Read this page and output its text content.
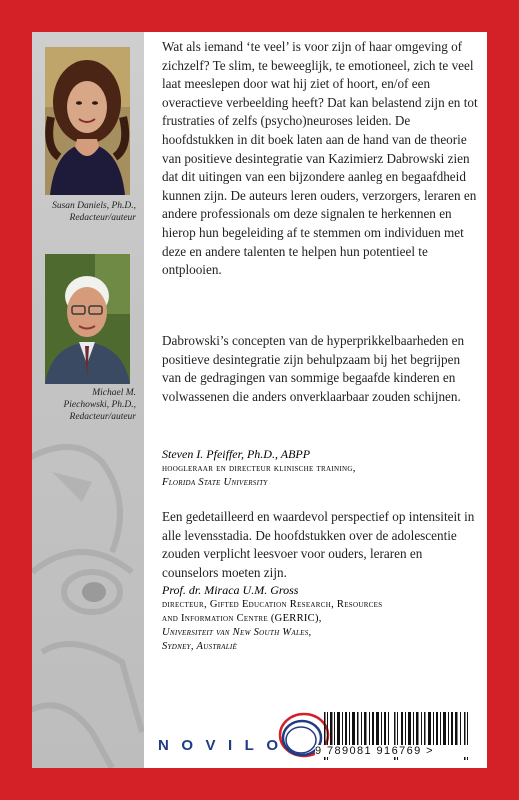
Susan Daniels, Ph.D.,
Redacteur/auteur
Michael M.
Piechowski, Ph.D.,
Redacteur/auteur

Wat als iemand ‘te veel’ is voor zijn of haar omgeving of zichzelf? Te slim, te beweeglijk, te emotioneel, zich te veel laat meeslepen door wat hij ziet of hoort, en/of een overactieve verbeelding heeft? Dat kan belastend zijn en tot frustraties of zelfs (psycho)neuroses leiden. De hoofdstukken in dit boek laten aan de hand van de theorie van positieve desintegratie van Kazimierz Dabrowski zien dat dit uitingen van een bijzondere aanleg en begaafdheid kunnen zijn. De auteurs leren ouders, verzorgers, leraren en andere professionals om deze signalen te herkennen en hierop hun begeleiding af te stemmen om individuen met deze en andere talenten te helpen hun potentieel te ontplooien.

Dabrowski’s concepten van de hyperprikkelbaarheden en positieve desintegratie zijn behulpzaam bij het begrijpen van de gedragingen van sommige begaafde kinderen en volwassenen die anders onverklaarbaar zouden schijnen.

Steven I. Pfeiffer, Ph.D., ABPP
hoogleraar en directeur klinische training,
Florida State University

Een gedetailleerd en waardevol perspectief op intensiteit in alle levensstadia. De hoofdstukken over de adolescentie zouden verplicht leesvoer voor ouders, leraren en counselors moeten zijn.

Prof. dr. Miraca U.M. Gross
directeur, Gifted Education Research, Resources
and Information Centre (GERRIC),
Universiteit van New South Wales,
Sydney, Australië
NOVILO 9 789081 916769 >
